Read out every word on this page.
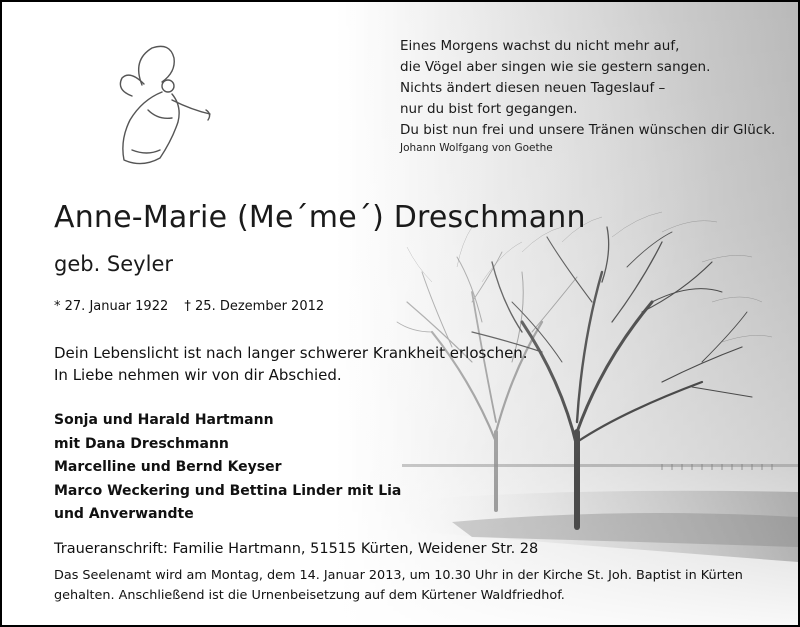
Eines Morgens wachst du nicht mehr auf,
die Vögel aber singen wie sie gestern sangen.
Nichts ändert diesen neuen Tageslauf –
nur du bist fort gegangen.
Du bist nun frei und unsere Tränen wünschen dir Glück.
Johann Wolfgang von Goethe
Anne-Marie (Me´me´) Dreschmann
geb. Seyler
* 27. Januar 1922 † 25. Dezember 2012
Dein Lebenslicht ist nach langer schwerer Krankheit erloschen.
In Liebe nehmen wir von dir Abschied.
Sonja und Harald Hartmann
mit Dana Dreschmann
Marcelline und Bernd Keyser
Marco Weckering und Bettina Linder mit Lia
und Anverwandte
Traueranschrift: Familie Hartmann, 51515 Kürten, Weidener Str. 28
Das Seelenamt wird am Montag, dem 14. Januar 2013, um 10.30 Uhr in der Kirche St. Joh. Baptist in Kürten
gehalten. Anschließend ist die Urnenbeisetzung auf dem Kürtener Waldfriedhof.
